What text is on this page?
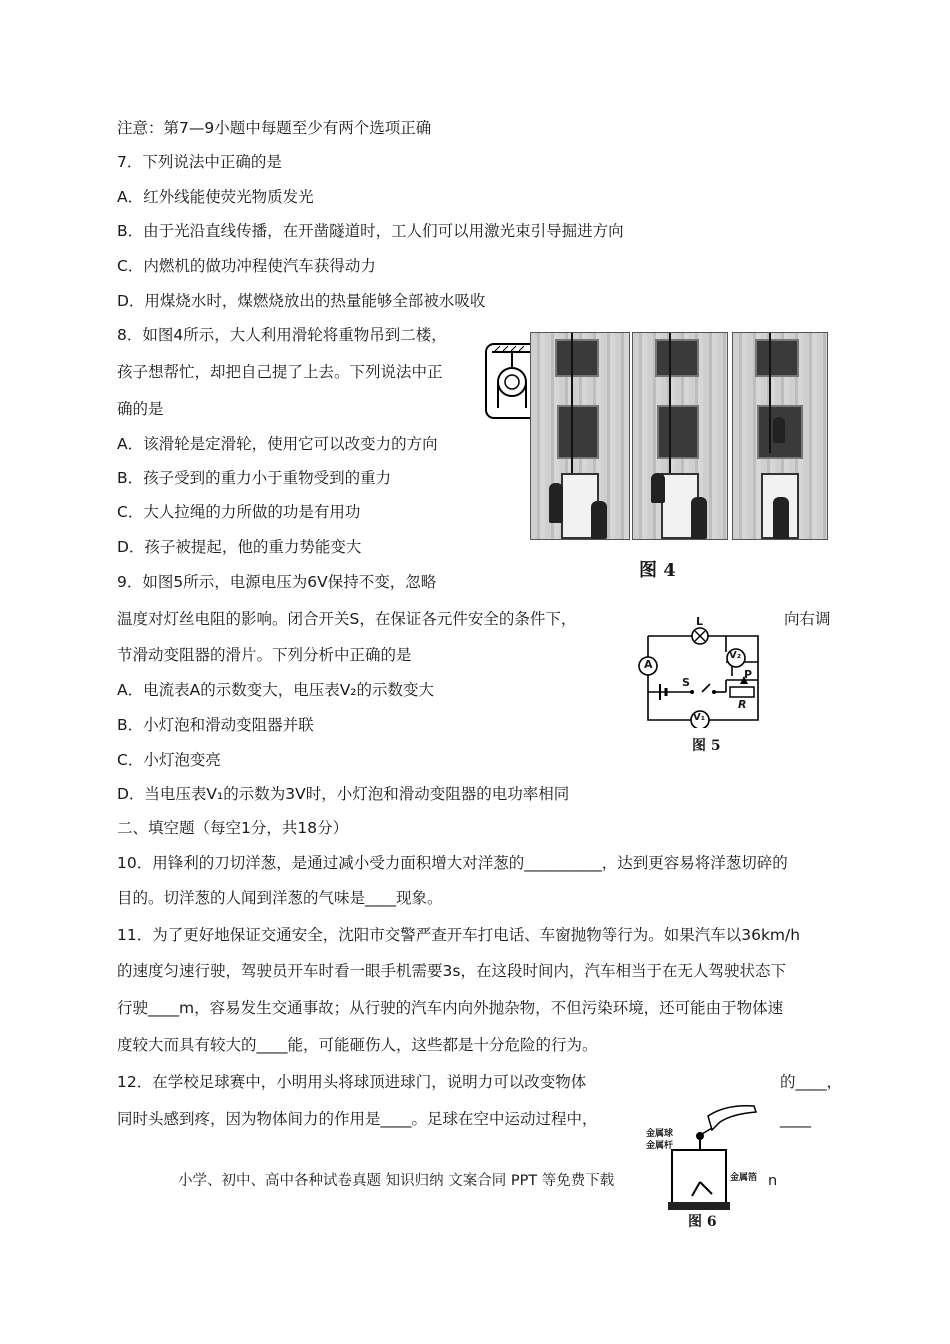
注意：第7—9小题中每题至少有两个选项正确
7．下列说法中正确的是
A．红外线能使荧光物质发光
B．由于光沿直线传播，在开凿隧道时，工人们可以用激光束引导掘进方向
C．内燃机的做功冲程使汽车获得动力
D．用煤烧水时，煤燃烧放出的热量能够全部被水吸收
8．如图4所示，大人利用滑轮将重物吊到二楼，
孩子想帮忙，却把自己提了上去。下列说法中正
确的是
A．该滑轮是定滑轮，使用它可以改变力的方向
B．孩子受到的重力小于重物受到的重力
C．大人拉绳的力所做的功是有用功
D．孩子被提起，他的重力势能变大
9．如图5所示，电源电压为6V保持不变，忽略
温度对灯丝电阻的影响。闭合开关S，在保证各元件安全的条件下，	向右调
节滑动变阻器的滑片。下列分析中正确的是
A．电流表A的示数变大，电压表V₂的示数变大
B．小灯泡和滑动变阻器并联
C．小灯泡变亮
D．当电压表V₁的示数为3V时，小灯泡和滑动变阻器的电功率相同
二、填空题（每空1分，共18分）
10．用锋利的刀切洋葱，是通过减小受力面积增大对洋葱的__________，达到更容易将洋葱切碎的
目的。切洋葱的人闻到洋葱的气味是____现象。
11．为了更好地保证交通安全，沈阳市交警严查开车打电话、车窗抛物等行为。如果汽车以36km/h
的速度匀速行驶，驾驶员开车时看一眼手机需要3s，在这段时间内，汽车相当于在无人驾驶状态下
行驶____m，容易发生交通事故；从行驶的汽车内向外抛杂物，不但污染环境，还可能由于物体速
度较大而具有较大的____能，可能砸伤人，这些都是十分危险的行为。
12．在学校足球赛中，小明用头将球顶进球门，说明力可以改变物体	的____，
同时头感到疼，因为物体间力的作用是____。足球在空中运动过程中，	____
小学、初中、高中各种试卷真题 知识归纳 文案合同 PPT 等免费下载	n
图 4
L
A
V₂
V₁
S
P
R
图 5
金属球
金属杆
金属箔
图 6
